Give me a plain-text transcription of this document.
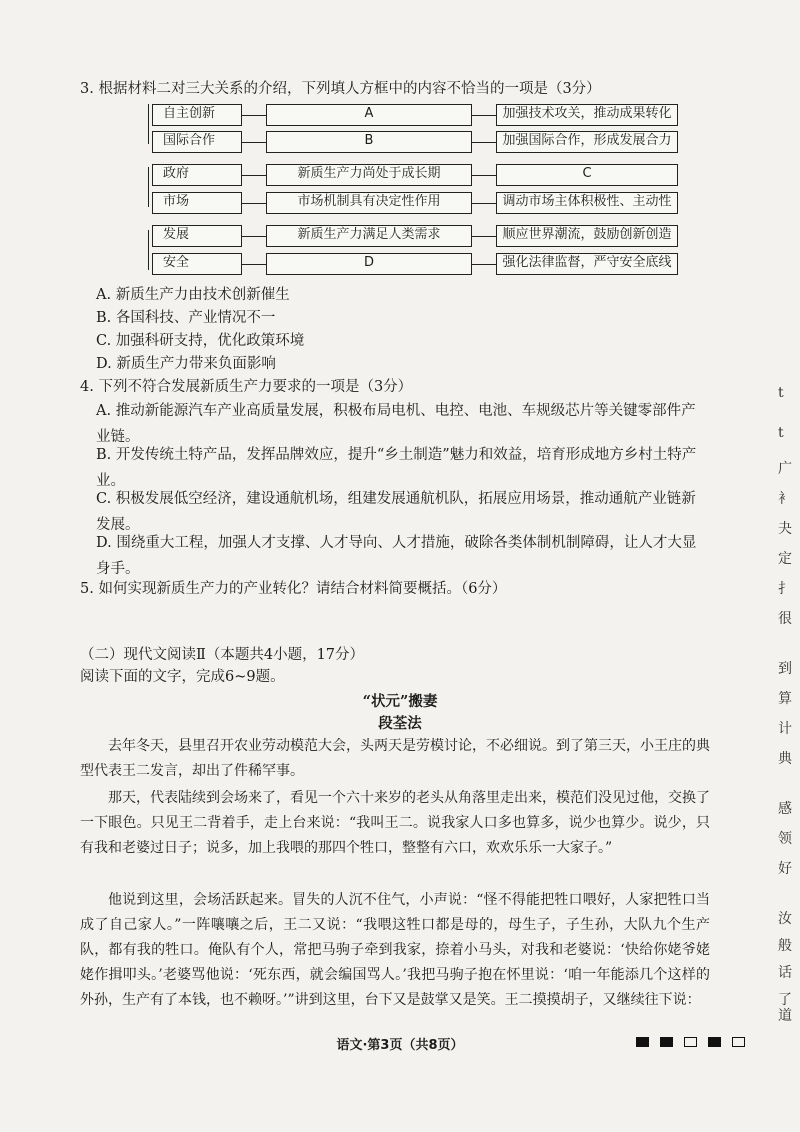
3. 根据材料二对三大关系的介绍，下列填人方框中的内容不恰当的一项是（3分）
自主创新	A	加强技术攻关，推动成果转化
国际合作	B	加强国际合作，形成发展合力
政府	新质生产力尚处于成长期	C
市场	市场机制具有决定性作用	调动市场主体积极性、主动性
发展	新质生产力满足人类需求	顺应世界潮流，鼓励创新创造
安全	D	强化法律监督，严守安全底线
A. 新质生产力由技术创新催生
B. 各国科技、产业情况不一
C. 加强科研支持，优化政策环境
D. 新质生产力带来负面影响
4. 下列不符合发展新质生产力要求的一项是（3分）
A. 推动新能源汽车产业高质量发展，积极布局电机、电控、电池、车规级芯片等关键零部件产业链。
B. 开发传统土特产品，发挥品牌效应，提升“乡土制造”魅力和效益，培育形成地方乡村土特产业。
C. 积极发展低空经济，建设通航机场，组建发展通航机队，拓展应用场景，推动通航产业链新发展。
D. 围绕重大工程，加强人才支撑、人才导向、人才措施，破除各类体制机制障碍，让人才大显身手。
5. 如何实现新质生产力的产业转化？请结合材料简要概括。（6分）
（二）现代文阅读Ⅱ（本题共4小题，17分）
阅读下面的文字，完成6~9题。
“状元”搬妻
段荃法
去年冬天，县里召开农业劳动模范大会，头两天是劳模讨论，不必细说。到了第三天，小王庄的典型代表王二发言，却出了件稀罕事。
那天，代表陆续到会场来了，看见一个六十来岁的老头从角落里走出来，模范们没见过他，交换了一下眼色。只见王二背着手，走上台来说：“我叫王二。说我家人口多也算多，说少也算少。说少，只有我和老婆过日子；说多，加上我喂的那四个牲口，整整有六口，欢欢乐乐一大家子。”
他说到这里，会场活跃起来。冒失的人沉不住气，小声说：“怪不得能把牲口喂好，人家把牲口当成了自己家人。”一阵嚷嚷之后，王二又说：“我喂这牲口都是母的，母生子，子生孙，大队九个生产队，都有我的牲口。俺队有个人，常把马驹子牵到我家，捺着小马头，对我和老婆说：‘快给你姥爷姥姥作揖叩头。’老婆骂他说：‘死东西，就会编国骂人。’我把马驹子抱在怀里说：‘咱一年能添几个这样的外孙，生产有了本钱，也不赖呀。’”讲到这里，台下又是鼓掌又是笑。王二摸摸胡子，又继续往下说：
语文·第3页（共8页）
t
t
广
衤
夬
定
扌
很
到
算
计
典
感
领
好
汝
般
话
了
道
